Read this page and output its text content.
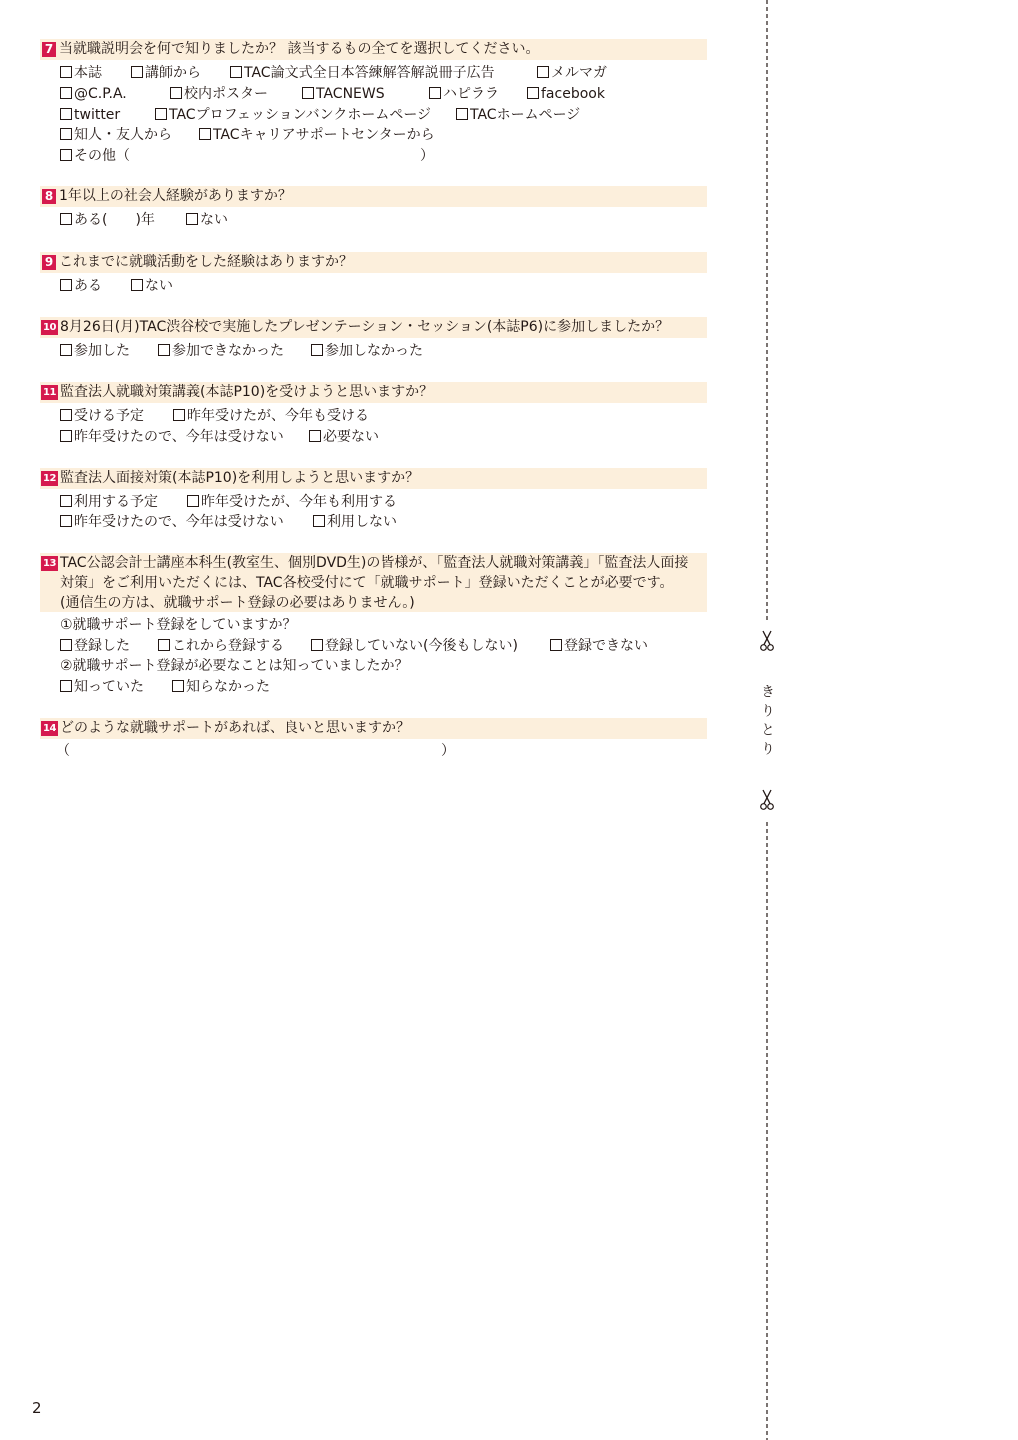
7 当就職説明会を何で知りましたか？ 該当するもの全てを選択してください。
本誌	講師から	TAC論文式全日本答練解答解説冊子広告	メルマガ
@C.P.A.	校内ポスター	TACNEWS	ハピララ	facebook
twitter	TACプロフェッションバンクホームページ	TACホームページ
知人・友人から	TACキャリアサポートセンターから
その他（	）
8 1年以上の社会人経験がありますか？
ある(　　)年	ない
9 これまでに就職活動をした経験はありますか？
ある	ない
10 8月26日(月)TAC渋谷校で実施したプレゼンテーション・セッション(本誌P6)に参加しましたか？
参加した	参加できなかった	参加しなかった
11 監査法人就職対策講義(本誌P10)を受けようと思いますか？
受ける予定	昨年受けたが、今年も受ける
昨年受けたので、今年は受けない	必要ない
12 監査法人面接対策(本誌P10)を利用しようと思いますか？
利用する予定	昨年受けたが、今年も利用する
昨年受けたので、今年は受けない	利用しない
13 TAC公認会計士講座本科生(教室生、個別DVD生)の皆様が、「監査法人就職対策講義」「監査法人面接
対策」をご利用いただくには、TAC各校受付にて「就職サポート」登録いただくことが必要です。
(通信生の方は、就職サポート登録の必要はありません。)
①就職サポート登録をしていますか？
登録した	これから登録する	登録していない(今後もしない)	登録できない
②就職サポート登録が必要なことは知っていましたか？
知っていた	知らなかった
14 どのような就職サポートがあれば、良いと思いますか？
（	）	きりとり
2
